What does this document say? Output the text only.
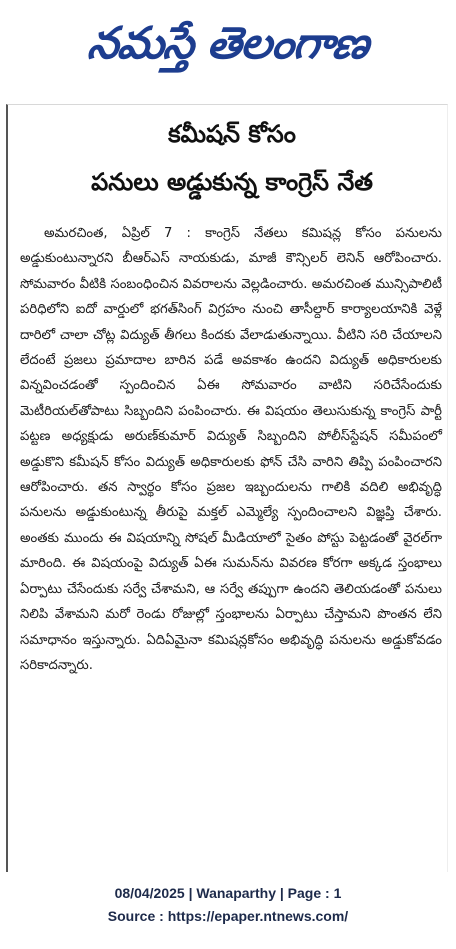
నమస్తే తెలంగాణ
కమీషన్ కోసం
పనులు అడ్డుకున్న కాంగ్రెస్ నేత
అమరచింత, ఏప్రిల్ 7 : కాంగ్రెస్ నేతలు కమిషన్ల కోసం పనులను అడ్డుకుంటున్నారని బీఆర్ఎస్ నాయకుడు, మాజీ కౌన్సిలర్ లెనిన్ ఆరోపించారు. సోమవారం వీటికి సంబంధించిన వివరాలను వెల్లడించారు. అమరచింత మున్సిపాలిటీ పరిధిలోని ఐదో వార్డులో భగత్‌సింగ్ విగ్రహం నుంచి తాసీల్దార్ కార్యాలయానికి వెళ్లే దారిలో చాలా చోట్ల విద్యుత్ తీగలు కిందకు వేలాడుతున్నాయి. వీటిని సరి చేయాలని లేదంటే ప్రజలు ప్రమాదాల బారిన పడే అవకాశం ఉందని విద్యుత్ అధికారులకు విన్నవించడంతో స్పందించిన ఏఈ సోమవారం వాటిని సరిచేసేందుకు మెటీరియల్‌తోపాటు సిబ్బందిని పంపించారు. ఈ విషయం తెలుసుకున్న కాంగ్రెస్ పార్టీ పట్టణ అధ్యక్షుడు అరుణ్‌కుమార్ విద్యుత్ సిబ్బందిని పోలీస్‌స్టేషన్ సమీపంలో అడ్డుకొని కమీషన్ కోసం విద్యుత్ అధికారులకు ఫోన్ చేసి వారిని తిప్పి పంపించారని ఆరోపించారు. తన స్వార్థం కోసం ప్రజల ఇబ్బందులను గాలికి వదిలి అభివృద్ధి పనులను అడ్డుకుంటున్న తీరుపై మక్తల్ ఎమ్మెల్యే స్పందించాలని విజ్ఞప్తి చేశారు. అంతకు ముందు ఈ విషయాన్ని సోషల్ మీడియాలో సైతం పోస్టు పెట్టడంతో వైరల్‌గా మారింది. ఈ విషయంపై విద్యుత్ ఏఈ సుమన్‌ను వివరణ కోరగా అక్కడ స్తంభాలు ఏర్పాటు చేసేందుకు సర్వే చేశామని, ఆ సర్వే తప్పుగా ఉందని తెలియడంతో పనులు నిలిపి వేశామని మరో రెండు రోజుల్లో స్తంభాలను ఏర్పాటు చేస్తామని పొంతన లేని సమాధానం ఇస్తున్నారు. ఏదిఏమైనా కమిషన్లకోసం అభివృద్ధి పనులను అడ్డుకోవడం సరికాదన్నారు.
08/04/2025 | Wanaparthy | Page : 1
Source : https://epaper.ntnews.com/
